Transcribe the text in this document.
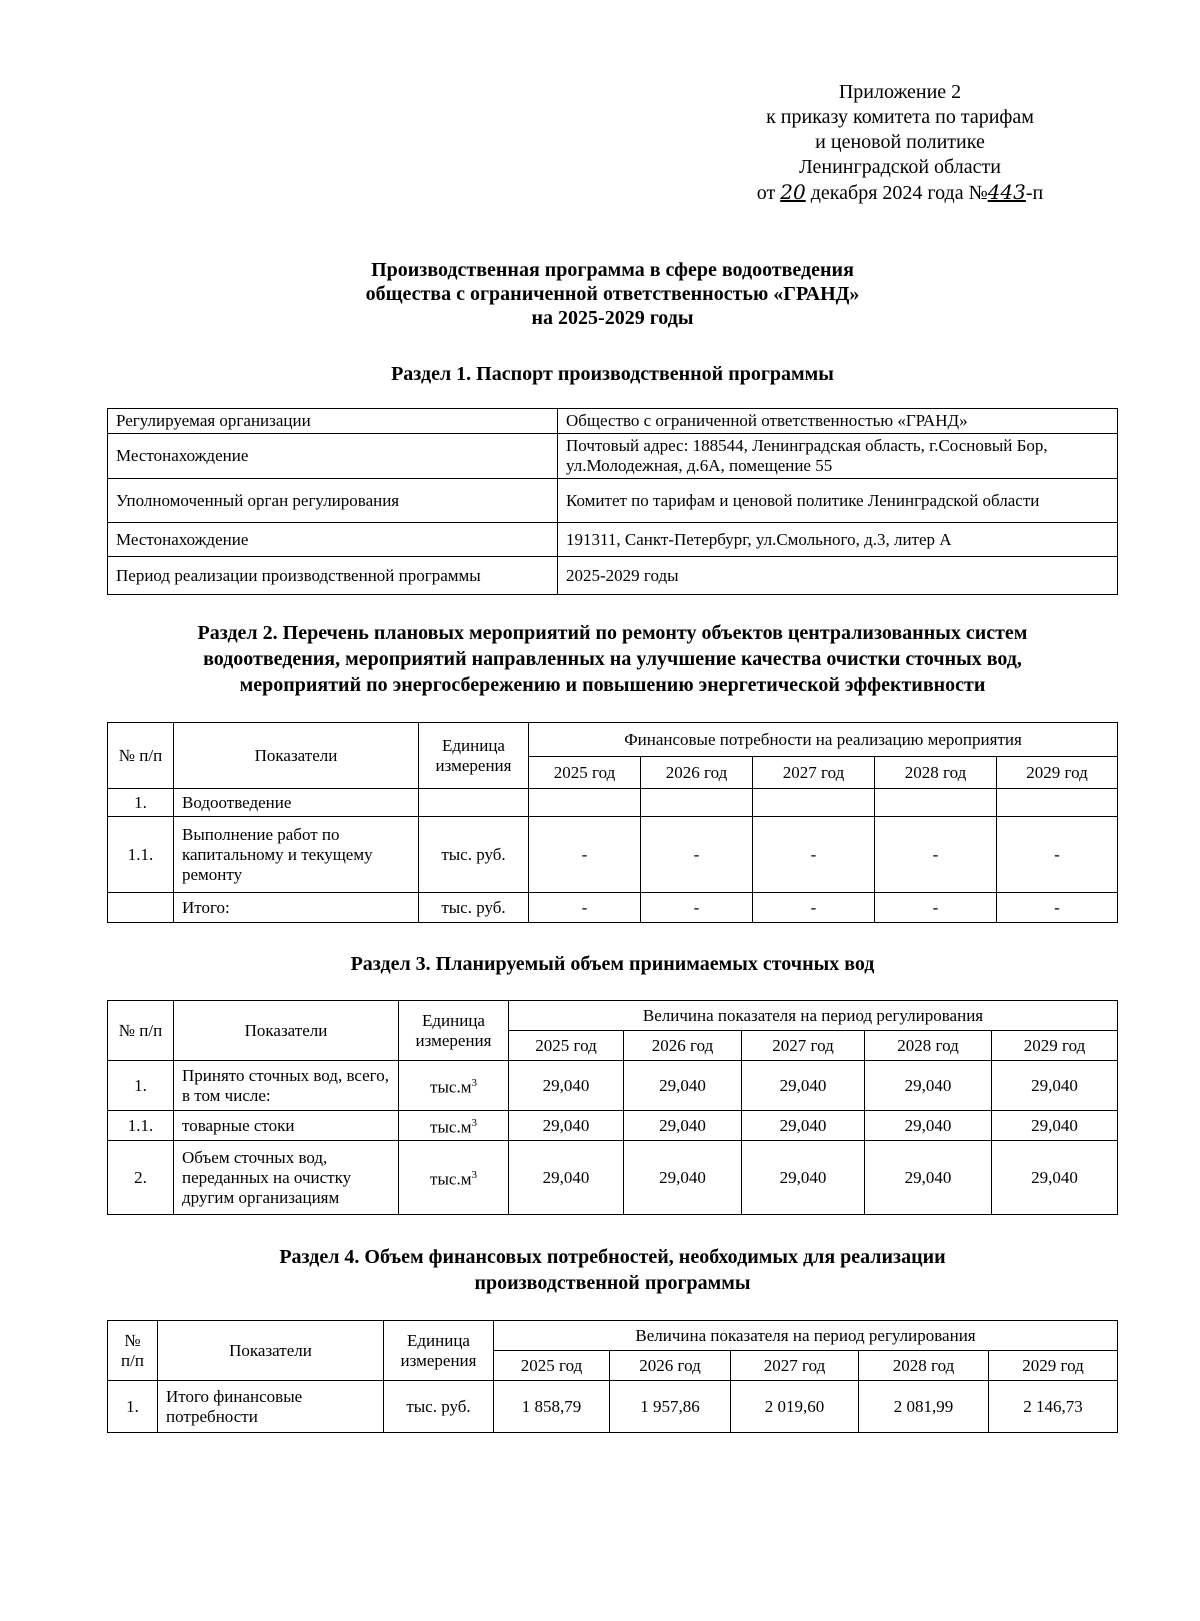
Приложение 2
к приказу комитета по тарифам
и ценовой политике
Ленинградской области
от 20 декабря 2024 года №443-п
Производственная программа в сфере водоотведения
общества с ограниченной ответственностью «ГРАНД»
на 2025-2029 годы
Раздел 1. Паспорт производственной программы
Регулируемая организации	Общество с ограниченной ответственностью «ГРАНД»
Местонахождение	Почтовый адрес: 188544, Ленинградская область, г.Сосновый Бор, ул.Молодежная, д.6А, помещение 55
Уполномоченный орган регулирования	Комитет по тарифам и ценовой политике Ленинградской области
Местонахождение	191311, Санкт-Петербург, ул.Смольного, д.3, литер А
Период реализации производственной программы	2025-2029 годы
Раздел 2. Перечень плановых мероприятий по ремонту объектов централизованных систем
водоотведения, мероприятий направленных на улучшение качества очистки сточных вод,
мероприятий по энергосбережению и повышению энергетической эффективности
№ п/п	Показатели	Единица измерения	Финансовые потребности на реализацию мероприятия				
			2025 год	2026 год	2027 год	2028 год	2029 год
1.	Водоотведение						
1.1.	Выполнение работ по капитальному и текущему ремонту	тыс. руб.	-	-	-	-	-
	Итого:	тыс. руб.	-	-	-	-	-
Раздел 3. Планируемый объем принимаемых сточных вод
№ п/п	Показатели	Единица измерения	Величина показателя на период регулирования				
			2025 год	2026 год	2027 год	2028 год	2029 год
1.	Принято сточных вод, всего, в том числе:	$тыс.м^3$	29,040	29,040	29,040	29,040	29,040
1.1.	товарные стоки	$тыс.м^3$	29,040	29,040	29,040	29,040	29,040
2.	Объем сточных вод, переданных на очистку другим организациям	$тыс.м^3$	29,040	29,040	29,040	29,040	29,040
Раздел 4. Объем финансовых потребностей, необходимых для реализации
производственной программы
№ п/п	Показатели	Единица измерения	Величина показателя на период регулирования				
			2025 год	2026 год	2027 год	2028 год	2029 год
1.	Итого финансовые потребности	тыс. руб.	1 858,79	1 957,86	2 019,60	2 081,99	2 146,73
